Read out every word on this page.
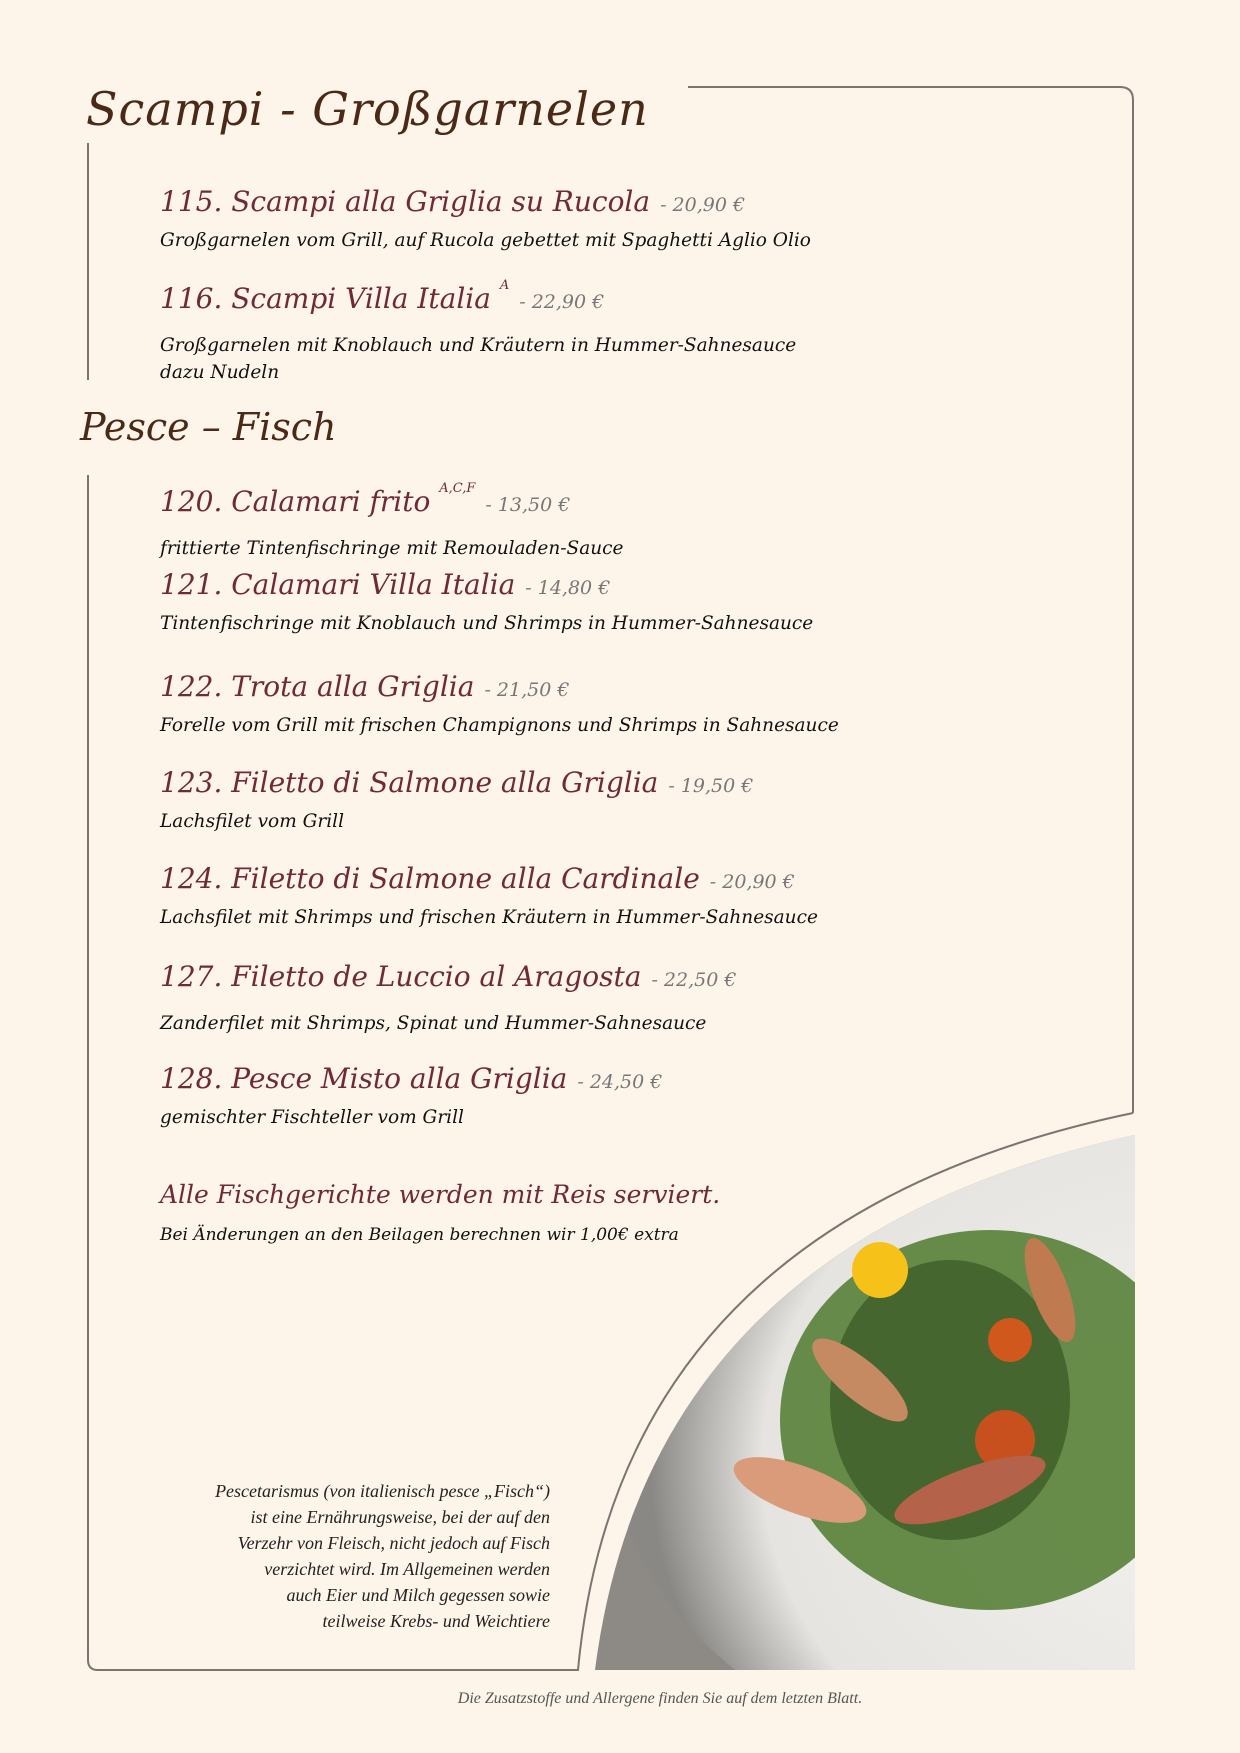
Scampi - Großgarnelen
115. Scampi alla Griglia su Rucola - 20,90 €
Großgarnelen vom Grill, auf Rucola gebettet mit Spaghetti Aglio Olio
116. Scampi Villa Italia $^A$- 22,90 €
Großgarnelen mit Knoblauch und Kräutern in Hummer-Sahnesauce
dazu Nudeln
Pesce – Fisch
120. Calamari frito $^{A,C,F}$- 13,50 €
frittierte Tintenfischringe mit Remouladen-Sauce
121. Calamari Villa Italia - 14,80 €
Tintenfischringe mit Knoblauch und Shrimps in Hummer-Sahnesauce
122. Trota alla Griglia - 21,50 €
Forelle vom Grill mit frischen Champignons und Shrimps in Sahnesauce
123. Filetto di Salmone alla Griglia - 19,50 €
Lachsfilet vom Grill
124. Filetto di Salmone alla Cardinale - 20,90 €
Lachsfilet mit Shrimps und frischen Kräutern in Hummer-Sahnesauce
127. Filetto de Luccio al Aragosta - 22,50 €
Zanderfilet mit Shrimps, Spinat und Hummer-Sahnesauce
128. Pesce Misto alla Griglia - 24,50 €
gemischter Fischteller vom Grill
Alle Fischgerichte werden mit Reis serviert.
Bei Änderungen an den Beilagen berechnen wir 1,00€ extra
Pescetarismus (von italienisch pesce „Fisch“)
ist eine Ernährungsweise, bei der auf den
Verzehr von Fleisch, nicht jedoch auf Fisch
verzichtet wird. Im Allgemeinen werden
auch Eier und Milch gegessen sowie
teilweise Krebs- und Weichtiere
Die Zusatzstoffe und Allergene finden Sie auf dem letzten Blatt.
